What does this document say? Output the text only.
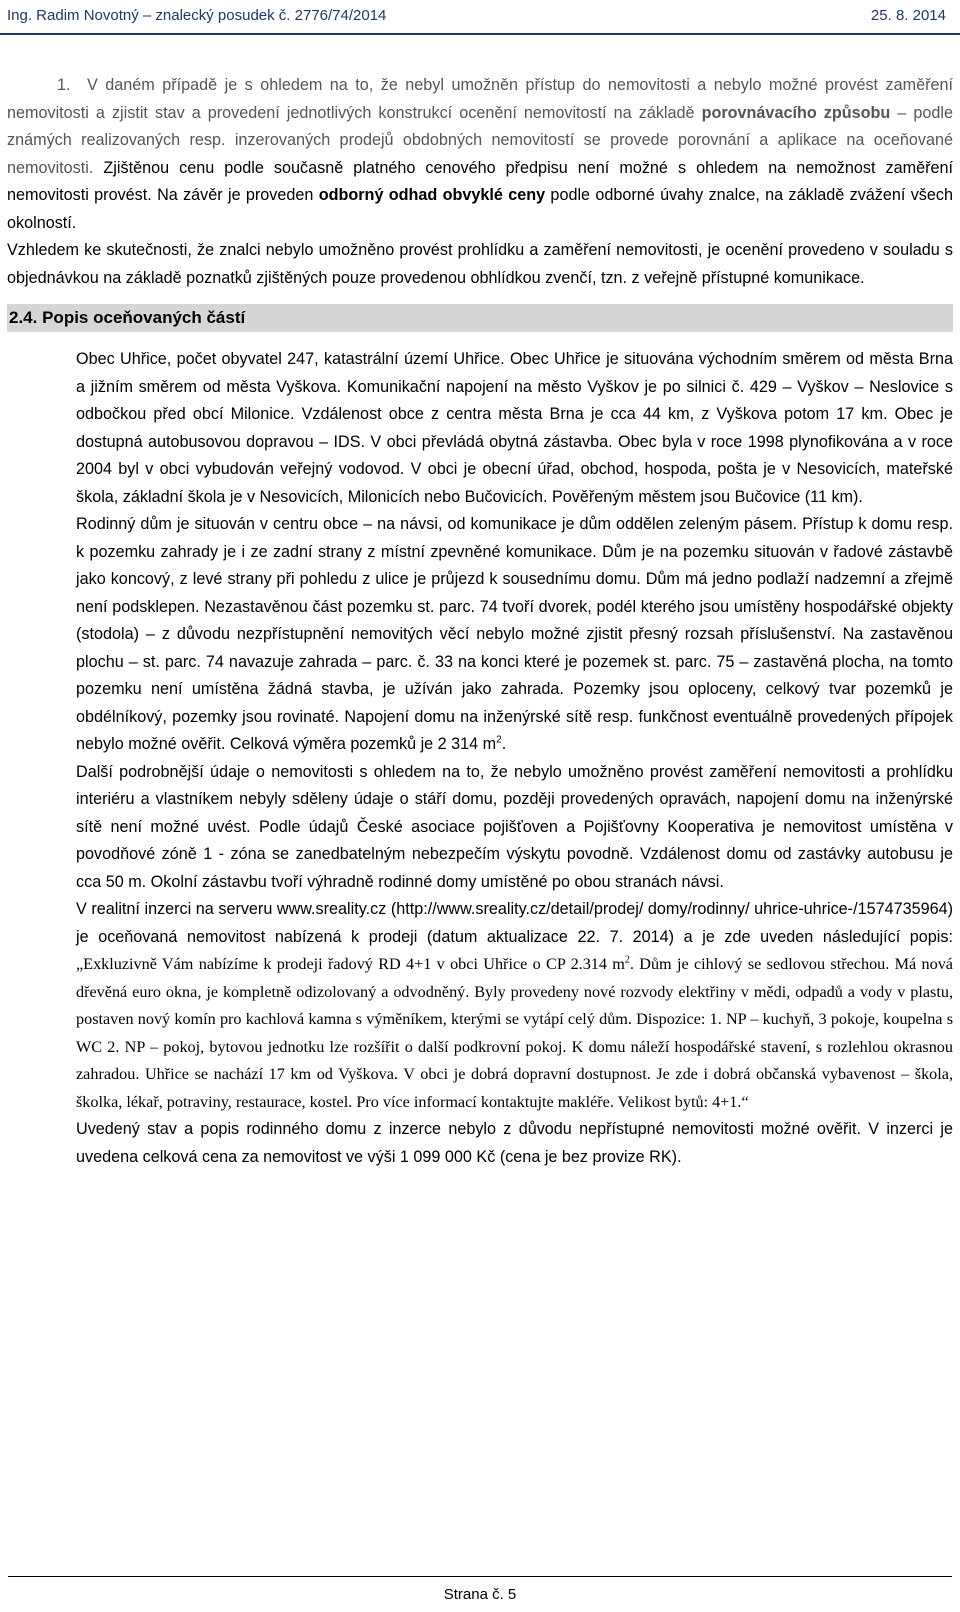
Ing. Radim Novotný – znalecký posudek č. 2776/74/2014	25. 8. 2014

1. V daném případě je s ohledem na to, že nebyl umožněn přístup do nemovitosti a nebylo možné provést zaměření nemovitosti a zjistit stav a provedení jednotlivých konstrukcí ocenění nemovitostí na základě porovnávacího způsobu – podle známých realizovaných resp. inzerovaných prodejů obdobných nemovitostí se provede porovnání a aplikace na oceňované nemovitosti. Zjištěnou cenu podle současně platného cenového předpisu není možné s ohledem na nemožnost zaměření nemovitosti provést. Na závěr je proveden odborný odhad obvyklé ceny podle odborné úvahy znalce, na základě zvážení všech okolností.

Vzhledem ke skutečnosti, že znalci nebylo umožněno provést prohlídku a zaměření nemovitosti, je ocenění provedeno v souladu s objednávkou na základě poznatků zjištěných pouze provedenou obhlídkou zvenčí, tzn. z veřejně přístupné komunikace.

2.4. Popis oceňovaných částí

Obec Uhřice, počet obyvatel 247, katastrální území Uhřice. Obec Uhřice je situována východním směrem od města Brna a jižním směrem od města Vyškova. Komunikační napojení na město Vyškov je po silnici č. 429 – Vyškov – Neslovice s odbočkou před obcí Milonice. Vzdálenost obce z centra města Brna je cca 44 km, z Vyškova potom 17 km. Obec je dostupná autobusovou dopravou – IDS. V obci převládá obytná zástavba. Obec byla v roce 1998 plynofikována a v roce 2004 byl v obci vybudován veřejný vodovod. V obci je obecní úřad, obchod, hospoda, pošta je v Nesovicích, mateřské škola, základní škola je v Nesovicích, Milonicích nebo Bučovicích. Pověřeným městem jsou Bučovice (11 km).

Rodinný dům je situován v centru obce – na návsi, od komunikace je dům oddělen zeleným pásem. Přístup k domu resp. k pozemku zahrady je i ze zadní strany z místní zpevněné komunikace. Dům je na pozemku situován v řadové zástavbě jako koncový, z levé strany při pohledu z ulice je průjezd k sousednímu domu. Dům má jedno podlaží nadzemní a zřejmě není podsklepen. Nezastavěnou část pozemku st. parc. 74 tvoří dvorek, podél kterého jsou umístěny hospodářské objekty (stodola) – z důvodu nezpřístupnění nemovitých věcí nebylo možné zjistit přesný rozsah příslušenství. Na zastavěnou plochu – st. parc. 74 navazuje zahrada – parc. č. 33 na konci které je pozemek st. parc. 75 – zastavěná plocha, na tomto pozemku není umístěna žádná stavba, je užíván jako zahrada. Pozemky jsou oploceny, celkový tvar pozemků je obdélníkový, pozemky jsou rovinaté. Napojení domu na inženýrské sítě resp. funkčnost eventuálně provedených přípojek nebylo možné ověřit. Celková výměra pozemků je 2 314 $m^2$.

Další podrobnější údaje o nemovitosti s ohledem na to, že nebylo umožněno provést zaměření nemovitosti a prohlídku interiéru a vlastníkem nebyly sděleny údaje o stáří domu, později provedených opravách, napojení domu na inženýrské sítě není možné uvést. Podle údajů České asociace pojišťoven a Pojišťovny Kooperativa je nemovitost umístěna v povodňové zóně 1 - zóna se zanedbatelným nebezpečím výskytu povodně. Vzdálenost domu od zastávky autobusu je cca 50 m. Okolní zástavbu tvoří výhradně rodinné domy umístěné po obou stranách návsi.

V realitní inzerci na serveru www.sreality.cz (http://www.sreality.cz/detail/prodej/ domy/rodinny/ uhrice-uhrice-/1574735964) je oceňovaná nemovitost nabízená k prodeji (datum aktualizace 22. 7. 2014) a je zde uveden následující popis: „Exkluzivně Vám nabízíme k prodeji řadový RD 4+1 v obci Uhřice o CP 2.314 $m^2$. Dům je cihlový se sedlovou střechou. Má nová dřevěná euro okna, je kompletně odizolovaný a odvodněný. Byly provedeny nové rozvody elektřiny v mědi, odpadů a vody v plastu, postaven nový komín pro kachlová kamna s výměníkem, kterými se vytápí celý dům. Dispozice: 1. NP – kuchyň, 3 pokoje, koupelna s WC 2. NP – pokoj, bytovou jednotku lze rozšířit o další podkrovní pokoj. K domu náleží hospodářské stavení, s rozlehlou okrasnou zahradou. Uhřice se nachází 17 km od Vyškova. V obci je dobrá dopravní dostupnost. Je zde i dobrá občanská vybavenost – škola, školka, lékař, potraviny, restaurace, kostel. Pro více informací kontaktujte makléře. Velikost bytů: 4+1.“

Uvedený stav a popis rodinného domu z inzerce nebylo z důvodu nepřístupné nemovitosti možné ověřit. V inzerci je uvedena celková cena za nemovitost ve výši 1 099 000 Kč (cena je bez provize RK).

Strana č. 5
